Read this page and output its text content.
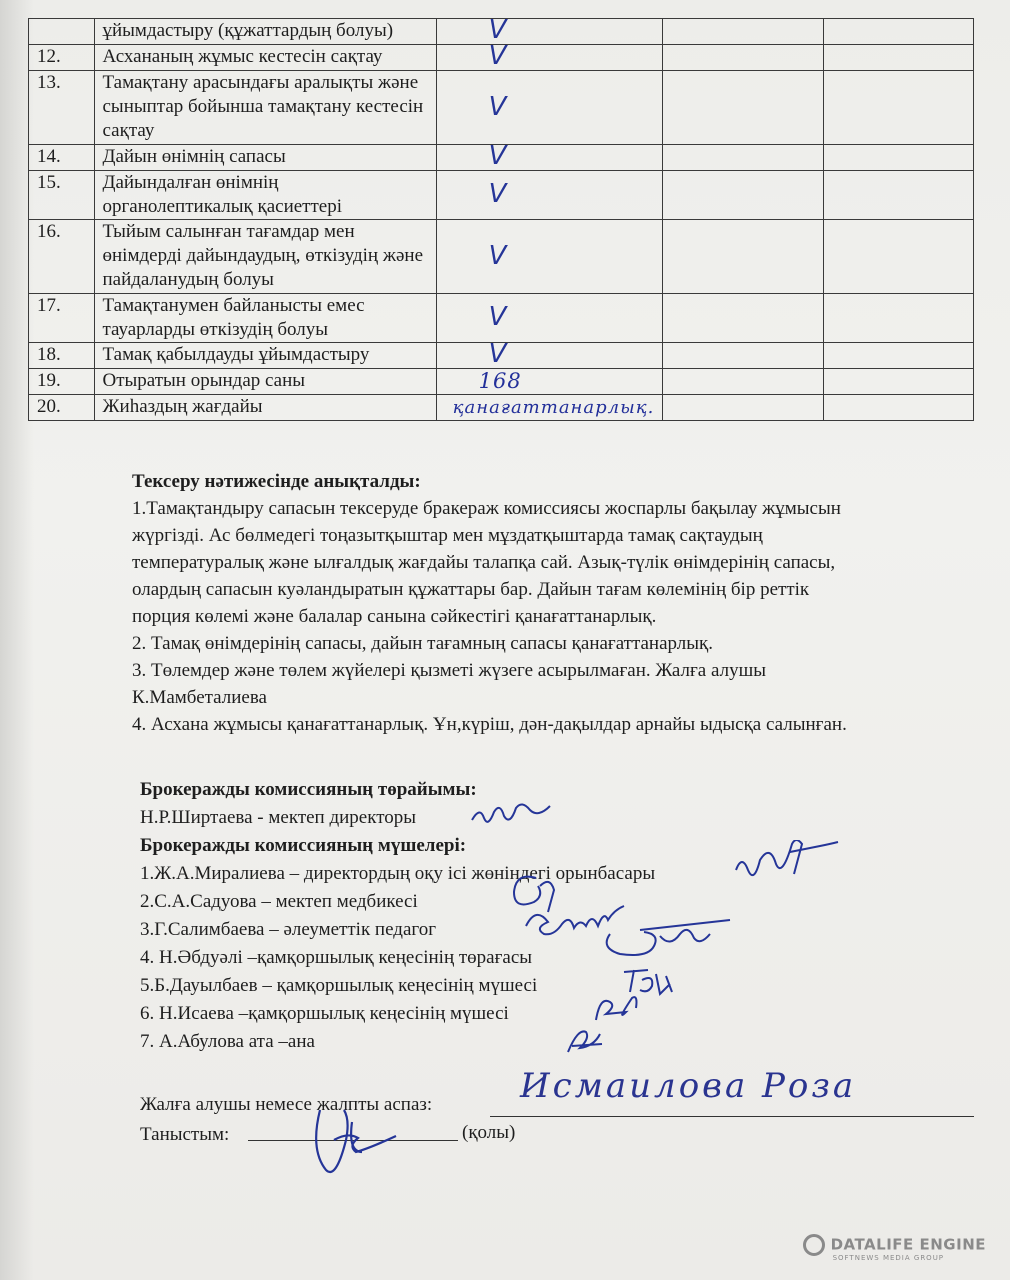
	ұйымдастыру (құжаттардың болуы)	V		
12.	Асхананың жұмыс кестесін сақтау	V		
13.	Тамақтану арасындағы аралықты және сыныптар бойынша тамақтану кестесін сақтау	V		
14.	Дайын өнімнің сапасы	V		
15.	Дайындалған өнімнің органолептикалық қасиеттері	V		
16.	Тыйым салынған тағамдар мен өнімдерді дайындаудың, өткізудің және пайдаланудың болуы	V		
17.	Тамақтанумен байланысты емес тауарларды өткізудің болуы	V		
18.	Тамақ қабылдауды ұйымдастыру	V		
19.	Отыратын орындар саны	168		
20.	Жиһаздың жағдайы	қанағаттанарлық.		
Тексеру нәтижесінде анықталды:
1.Тамақтандыру сапасын тексеруде бракераж комиссиясы жоспарлы бақылау жұмысын
жүргізді. Ас бөлмедегі тоңазытқыштар мен мұздатқыштарда тамақ сақтаудың
температуралық және ылғалдық жағдайы талапқа сай. Азық-түлік өнімдерінің сапасы,
олардың сапасын куәландыратын құжаттары бар. Дайын тағам көлемінің бір реттік
порция көлемі және балалар санына сәйкестігі қанағаттанарлық.
2. Тамақ өнімдерінің сапасы, дайын тағамның сапасы қанағаттанарлық.
3. Төлемдер және төлем жүйелері қызметі жүзеге асырылмаған. Жалға алушы
К.Мамбеталиева
4. Асхана жұмысы қанағаттанарлық. Ұн,күріш, дән-дақылдар арнайы ыдысқа салынған.
Брокеражды комиссияның төрайымы:
Н.Р.Ширтаева - мектеп директоры
Брокеражды комиссияның мүшелері:
1.Ж.А.Миралиева – директордың оқу ісі жөніндегі орынбасары
2.С.А.Садуова – мектеп медбикесі
3.Г.Салимбаева – әлеуметтік педагог
4. Н.Әбдуәлі –қамқоршылық кеңесінің төрағасы
5.Б.Дауылбаев – қамқоршылық кеңесінің мүшесі
6. Н.Исаева –қамқоршылық кеңесінің мүшесі
7. А.Абулова ата –ана
Жалға алушы немесе жалпты аспаз:	Исмаилова Роза
Таныстым:	(қолы)
DATALIFE ENGINE
SOFTNEWS MEDIA GROUP
